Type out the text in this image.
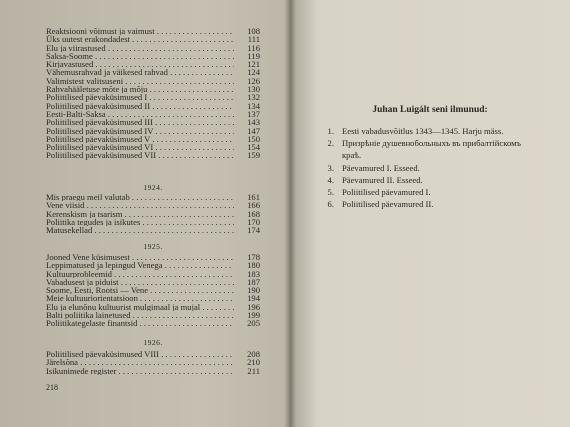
Reaktsiooni võimust ja vaimust . . .	108
Üks uutest erakondadest . . .	111
Elu ja viirastused . . .	116
Saksa-Soome . . .	119
Kirjavastused . . .	121
Vähemusrahvad ja väikesed rahvad . . .	124
Valimistest valitsuseni . . .	126
Rahvahääletuse mõte ja mõju . . .	130
Poliitilised päevaküsimused I . . .	132
Poliitilised päevaküsimused II . . .	134
Eesti-Balti-Saksa . . .	137
Poliitilised päevaküsimused III . . .	143
Poliitilised päevaküsimused IV . . .	147
Poliitilised päevaküsimused V . . .	150
Poliitilised päevaküsimused VI . . .	154
Poliitilised päevaküsimused VII . . .	159
1924.
Mis praegu meil valutab . . .	161
Vene viisid . . .	166
Kerenskism ja tsarism . . .	168
Poliitika tegudes ja isikutes . . .	170
Matusekellad . . .	174
1925.
Jooned Vene küsimusest . . .	178
Leppimatused ja lepingud Venega . . .	180
Kultuurprobleemid . . .	183
Vabadusest ja piduist . . .	187
Soome, Eesti, Rootsi — Vene . . .	190
Meie kultuuriorientatsioon . . .	194
Elu ja elunõnu kultuurist mulgimaal ja mujal . . .	196
Balti poliitika lainetused . . .	199
Poliitikategelaste finantsid . . .	205
1926.
Poliitilised päevaküsimused VIII . . .	208
Järelsõna . . .	210
Isikunimede register . . .	211
218
Juhan Luigált seni ilmunud:
1. Eesti vabadusvõitlus 1343—1345. Harju mäss.
2. Призрѣніе душевнобольныхъ въ прибалтійскомъ
краѣ.
3. Päevamured I. Esseed.
4. Päevamured II. Esseed.
5. Poliitilised päevamured I.
6. Poliitilised päevamured II.
